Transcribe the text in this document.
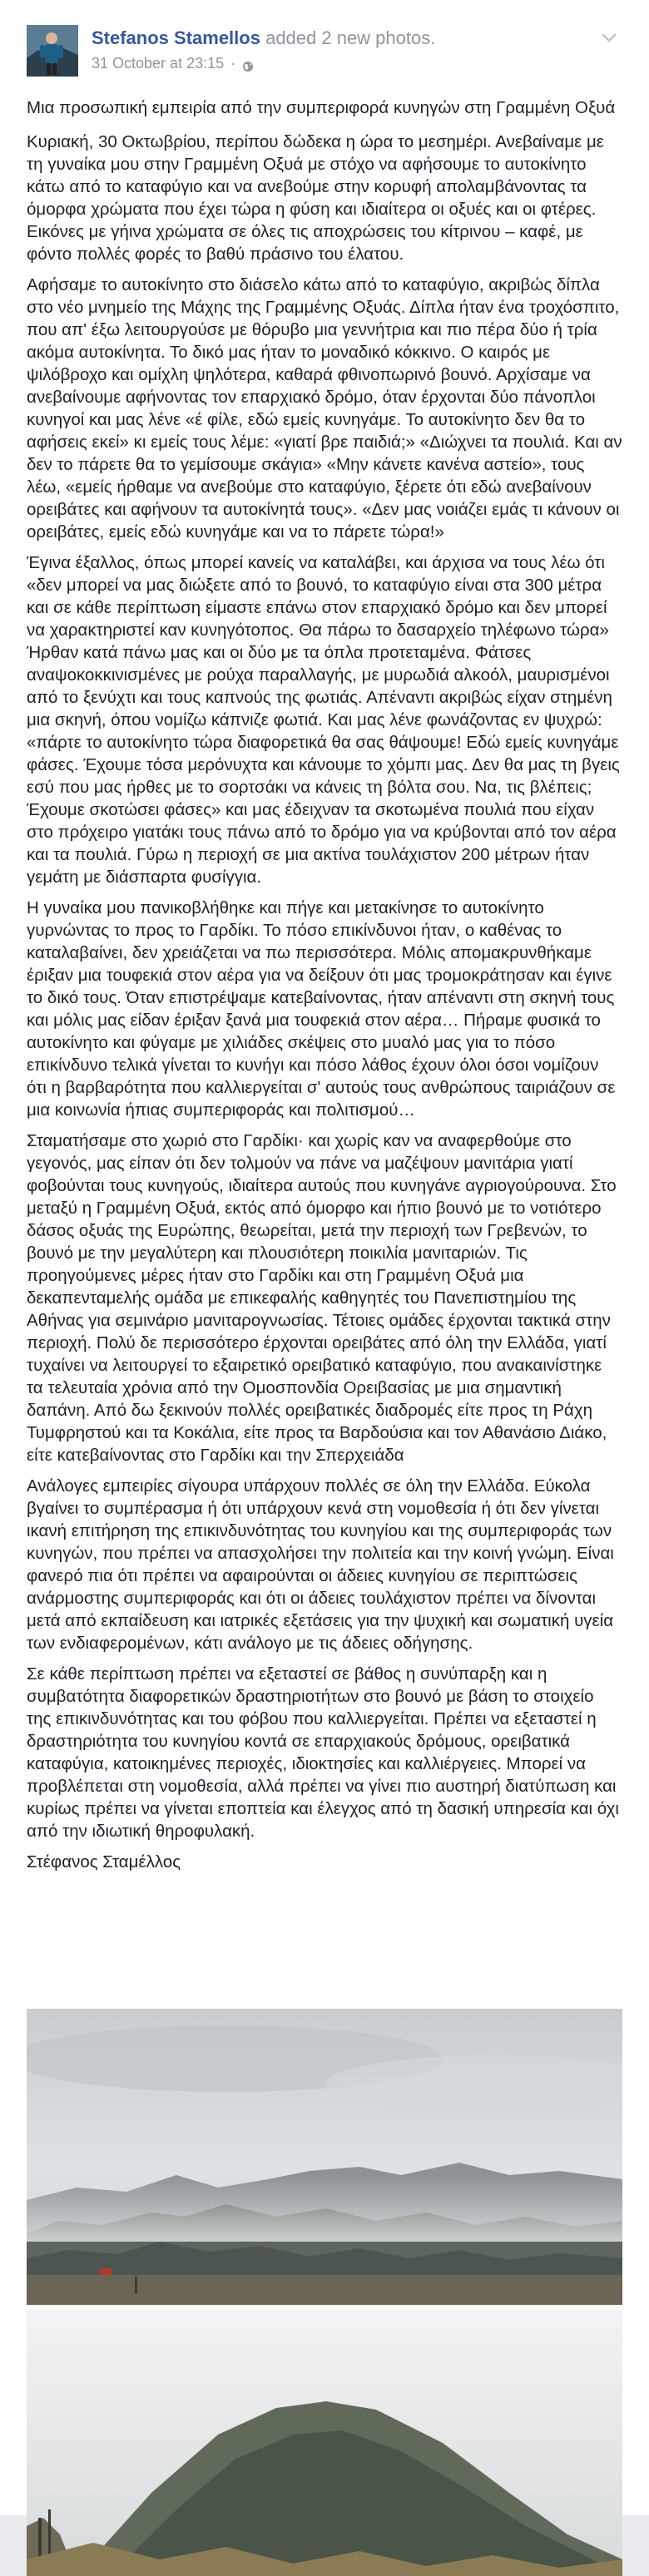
Stefanos Stamellos added 2 new photos.
31 October at 23:15 ·

Μια προσωπική εμπειρία από την συμπεριφορά κυνηγών στη Γραμμένη Οξυά

Κυριακή, 30 Οκτωβρίου, περίπου δώδεκα η ώρα το μεσημέρι. Ανεβαίναμε με τη γυναίκα μου στην Γραμμένη Οξυά με στόχο να αφήσουμε το αυτοκίνητο κάτω από το καταφύγιο και να ανεβούμε στην κορυφή απολαμβάνοντας τα όμορφα χρώματα που έχει τώρα η φύση και ιδιαίτερα οι οξυές και οι φτέρες. Εικόνες με γήινα χρώματα σε όλες τις αποχρώσεις του κίτρινου – καφέ, με φόντο πολλές φορές το βαθύ πράσινο του έλατου.

Αφήσαμε το αυτοκίνητο στο διάσελο κάτω από το καταφύγιο, ακριβώς δίπλα στο νέο μνημείο της Μάχης της Γραμμένης Οξυάς. Δίπλα ήταν ένα τροχόσπιτο, που απ' έξω λειτουργούσε με θόρυβο μια γεννήτρια και πιο πέρα δύο ή τρία ακόμα αυτοκίνητα. Το δικό μας ήταν το μοναδικό κόκκινο. Ο καιρός με ψιλόβροχο και ομίχλη ψηλότερα, καθαρά φθινοπωρινό βουνό. Αρχίσαμε να ανεβαίνουμε αφήνοντας τον επαρχιακό δρόμο, όταν έρχονται δύο πάνοπλοι κυνηγοί και μας λένε «έ φίλε, εδώ εμείς κυνηγάμε. Το αυτοκίνητο δεν θα το αφήσεις εκεί» κι εμείς τους λέμε: «γιατί βρε παιδιά;» «Διώχνει τα πουλιά. Και αν δεν το πάρετε θα το γεμίσουμε σκάγια» «Μην κάνετε κανένα αστείο», τους λέω, «εμείς ήρθαμε να ανεβούμε στο καταφύγιο, ξέρετε ότι εδώ ανεβαίνουν ορειβάτες και αφήνουν τα αυτοκίνητά τους». «Δεν μας νοιάζει εμάς τι κάνουν οι ορειβάτες, εμείς εδώ κυνηγάμε και να το πάρετε τώρα!»

Έγινα έξαλλος, όπως μπορεί κανείς να καταλάβει, και άρχισα να τους λέω ότι «δεν μπορεί να μας διώξετε από το βουνό, το καταφύγιο είναι στα 300 μέτρα και σε κάθε περίπτωση είμαστε επάνω στον επαρχιακό δρόμο και δεν μπορεί να χαρακτηριστεί καν κυνηγότοπος. Θα πάρω το δασαρχείο τηλέφωνο τώρα» Ήρθαν κατά πάνω μας και οι δύο με τα όπλα προτεταμένα. Φάτσες αναψοκοκκινισμένες με ρούχα παραλλαγής, με μυρωδιά αλκοόλ, μαυρισμένοι από το ξενύχτι και τους καπνούς της φωτιάς. Απέναντι ακριβώς είχαν στημένη μια σκηνή, όπου νομίζω κάπνιζε φωτιά. Και μας λένε φωνάζοντας εν ψυχρώ: «πάρτε το αυτοκίνητο τώρα διαφορετικά θα σας θάψουμε! Εδώ εμείς κυνηγάμε φάσες. Έχουμε τόσα μερόνυχτα και κάνουμε το χόμπι μας. Δεν θα μας τη βγεις εσύ που μας ήρθες με το σορτσάκι να κάνεις τη βόλτα σου. Να, τις βλέπεις; Έχουμε σκοτώσει φάσες» και μας έδειχναν τα σκοτωμένα πουλιά που είχαν στο πρόχειρο γιατάκι τους πάνω από το δρόμο για να κρύβονται από τον αέρα και τα πουλιά. Γύρω η περιοχή σε μια ακτίνα τουλάχιστον 200 μέτρων ήταν γεμάτη με διάσπαρτα φυσίγγια.

Η γυναίκα μου πανικοβλήθηκε και πήγε και μετακίνησε το αυτοκίνητο γυρνώντας το προς το Γαρδίκι. Το πόσο επικίνδυνοι ήταν, ο καθένας το καταλαβαίνει, δεν χρειάζεται να πω περισσότερα. Μόλις απομακρυνθήκαμε έριξαν μια τουφεκιά στον αέρα για να δείξουν ότι μας τρομοκράτησαν και έγινε το δικό τους. Όταν επιστρέψαμε κατεβαίνοντας, ήταν απέναντι στη σκηνή τους και μόλις μας είδαν έριξαν ξανά μια τουφεκιά στον αέρα… Πήραμε φυσικά το αυτοκίνητο και φύγαμε με χιλιάδες σκέψεις στο μυαλό μας για το πόσο επικίνδυνο τελικά γίνεται το κυνήγι και πόσο λάθος έχουν όλοι όσοι νομίζουν ότι η βαρβαρότητα που καλλιεργείται σ' αυτούς τους ανθρώπους ταιριάζουν σε μια κοινωνία ήπιας συμπεριφοράς και πολιτισμού…

Σταματήσαμε στο χωριό στο Γαρδίκι· και χωρίς καν να αναφερθούμε στο γεγονός, μας είπαν ότι δεν τολμούν να πάνε να μαζέψουν μανιτάρια γιατί φοβούνται τους κυνηγούς, ιδιαίτερα αυτούς που κυνηγάνε αγριογούρουνα. Στο μεταξύ η Γραμμένη Οξυά, εκτός από όμορφο και ήπιο βουνό με το νοτιότερο δάσος οξυάς της Ευρώπης, θεωρείται, μετά την περιοχή των Γρεβενών, το βουνό με την μεγαλύτερη και πλουσιότερη ποικιλία μανιταριών. Τις προηγούμενες μέρες ήταν στο Γαρδίκι και στη Γραμμένη Οξυά μια δεκαπενταμελής ομάδα με επικεφαλής καθηγητές του Πανεπιστημίου της Αθήνας για σεμινάριο μανιταρογνωσίας. Τέτοιες ομάδες έρχονται τακτικά στην περιοχή. Πολύ δε περισσότερο έρχονται ορειβάτες από όλη την Ελλάδα, γιατί τυχαίνει να λειτουργεί το εξαιρετικό ορειβατικό καταφύγιο, που ανακαινίστηκε τα τελευταία χρόνια από την Ομοσπονδία Ορειβασίας με μια σημαντική δαπάνη. Από δω ξεκινούν πολλές ορειβατικές διαδρομές είτε προς τη Ράχη Τυμφρηστού και τα Κοκάλια, είτε προς τα Βαρδούσια και τον Αθανάσιο Διάκο, είτε κατεβαίνοντας στο Γαρδίκι και την Σπερχειάδα

Ανάλογες εμπειρίες σίγουρα υπάρχουν πολλές σε όλη την Ελλάδα. Εύκολα βγαίνει το συμπέρασμα ή ότι υπάρχουν κενά στη νομοθεσία ή ότι δεν γίνεται ικανή επιτήρηση της επικινδυνότητας του κυνηγίου και της συμπεριφοράς των κυνηγών, που πρέπει να απασχολήσει την πολιτεία και την κοινή γνώμη. Είναι φανερό πια ότι πρέπει να αφαιρούνται οι άδειες κυνηγίου σε περιπτώσεις ανάρμοστης συμπεριφοράς και ότι οι άδειες τουλάχιστον πρέπει να δίνονται μετά από εκπαίδευση και ιατρικές εξετάσεις για την ψυχική και σωματική υγεία των ενδιαφερομένων, κάτι ανάλογο με τις άδειες οδήγησης.

Σε κάθε περίπτωση πρέπει να εξεταστεί σε βάθος η συνύπαρξη και η συμβατότητα διαφορετικών δραστηριοτήτων στο βουνό με βάση το στοιχείο της επικινδυνότητας και του φόβου που καλλιεργείται. Πρέπει να εξεταστεί η δραστηριότητα του κυνηγίου κοντά σε επαρχιακούς δρόμους, ορειβατικά καταφύγια, κατοικημένες περιοχές, ιδιοκτησίες και καλλιέργειες. Μπορεί να προβλέπεται στη νομοθεσία, αλλά πρέπει να γίνει πιο αυστηρή διατύπωση και κυρίως πρέπει να γίνεται εποπτεία και έλεγχος από τη δασική υπηρεσία και όχι από την ιδιωτική θηροφυλακή.

Στέφανος Σταμέλλος
